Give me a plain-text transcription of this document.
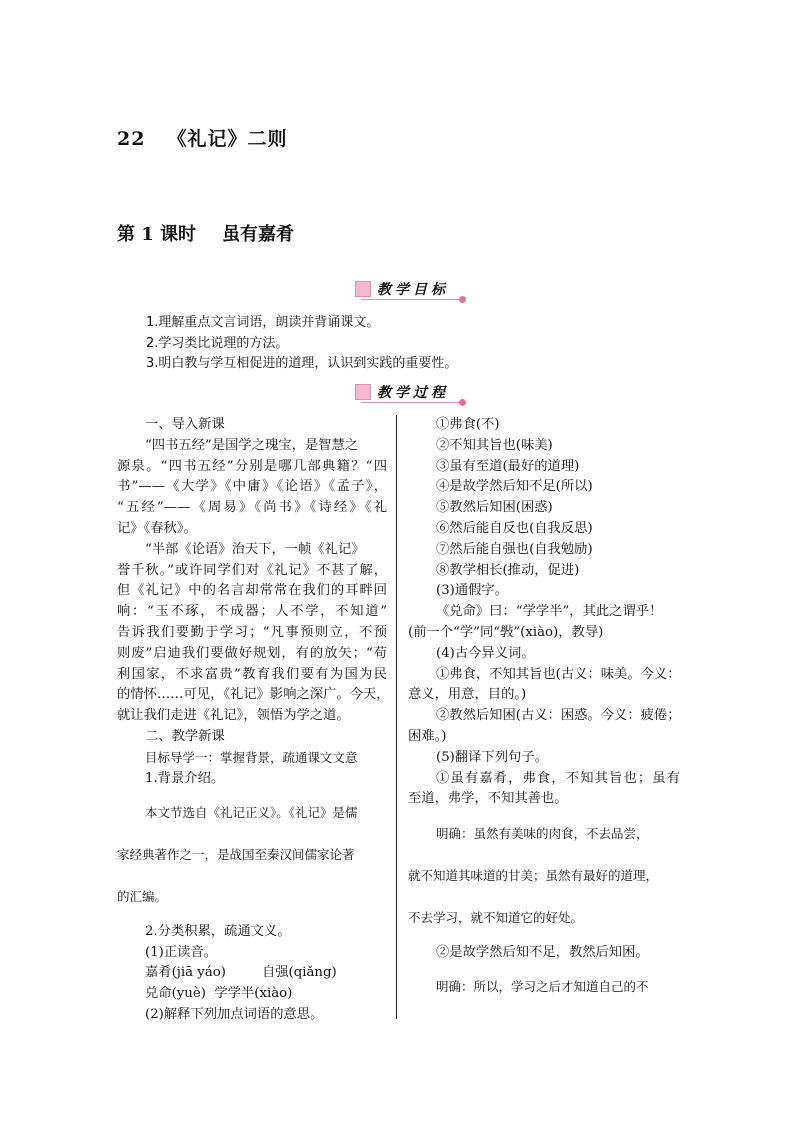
22 《礼记》二则
第 1 课时 虽有嘉肴
教学目标
1.理解重点文言词语，朗读并背诵课文。
2.学习类比说理的方法。
3.明白教与学互相促进的道理，认识到实践的重要性。
教学过程
一、导入新课
“四书五经”是国学之瑰宝，是智慧之
源泉。“四书五经”分别是哪几部典籍？“四
书”——《大学》《中庸》《论语》《孟子》，
“五经”——《周易》《尚书》《诗经》《礼
记》《春秋》。
“半部《论语》治天下，一帧《礼记》
誉千秋。”或许同学们对《礼记》不甚了解，
但《礼记》中的名言却常常在我们的耳畔回
响：“玉不琢，不成器；人不学，不知道”
告诉我们要勤于学习；“凡事预则立，不预
则废”启迪我们要做好规划，有的放矢；“苟
利国家，不求富贵”教育我们要有为国为民
的情怀……可见，《礼记》影响之深广。今天，
就让我们走进《礼记》，领悟为学之道。
二、教学新课
目标导学一：掌握背景，疏通课文文意
1.背景介绍。
本文节选自《礼记正义》。《礼记》是儒
家经典著作之一，是战国至秦汉间儒家论著
的汇编。
2.分类积累，疏通文义。
(1)正读音。
嘉肴(jiā yáo)	自强(qiǎng)
兑命(yuè) 学学半(xiào)
(2)解释下列加点词语的意思。
①弗食(不)
②不知其旨也(味美)
③虽有至道(最好的道理)
④是故学然后知不足(所以)
⑤教然后知困(困惑)
⑥然后能自反也(自我反思)
⑦然后能自强也(自我勉励)
⑧教学相长(推动，促进)
(3)通假字。
《兑命》曰：“学学半”，其此之谓乎！
(前一个“学”同“斅”(xiào)，教导)
(4)古今异义词。
①弗食，不知其旨也(古义：味美。今义：
意义，用意，目的。)
②教然后知困(古义：困惑。今义：疲倦；
困难。)
(5)翻译下列句子。
①虽有嘉肴，弗食，不知其旨也；虽有
至道，弗学，不知其善也。
明确：虽然有美味的肉食，不去品尝，
就不知道其味道的甘美；虽然有最好的道理，
不去学习，就不知道它的好处。
②是故学然后知不足，教然后知困。
明确：所以，学习之后才知道自己的不
